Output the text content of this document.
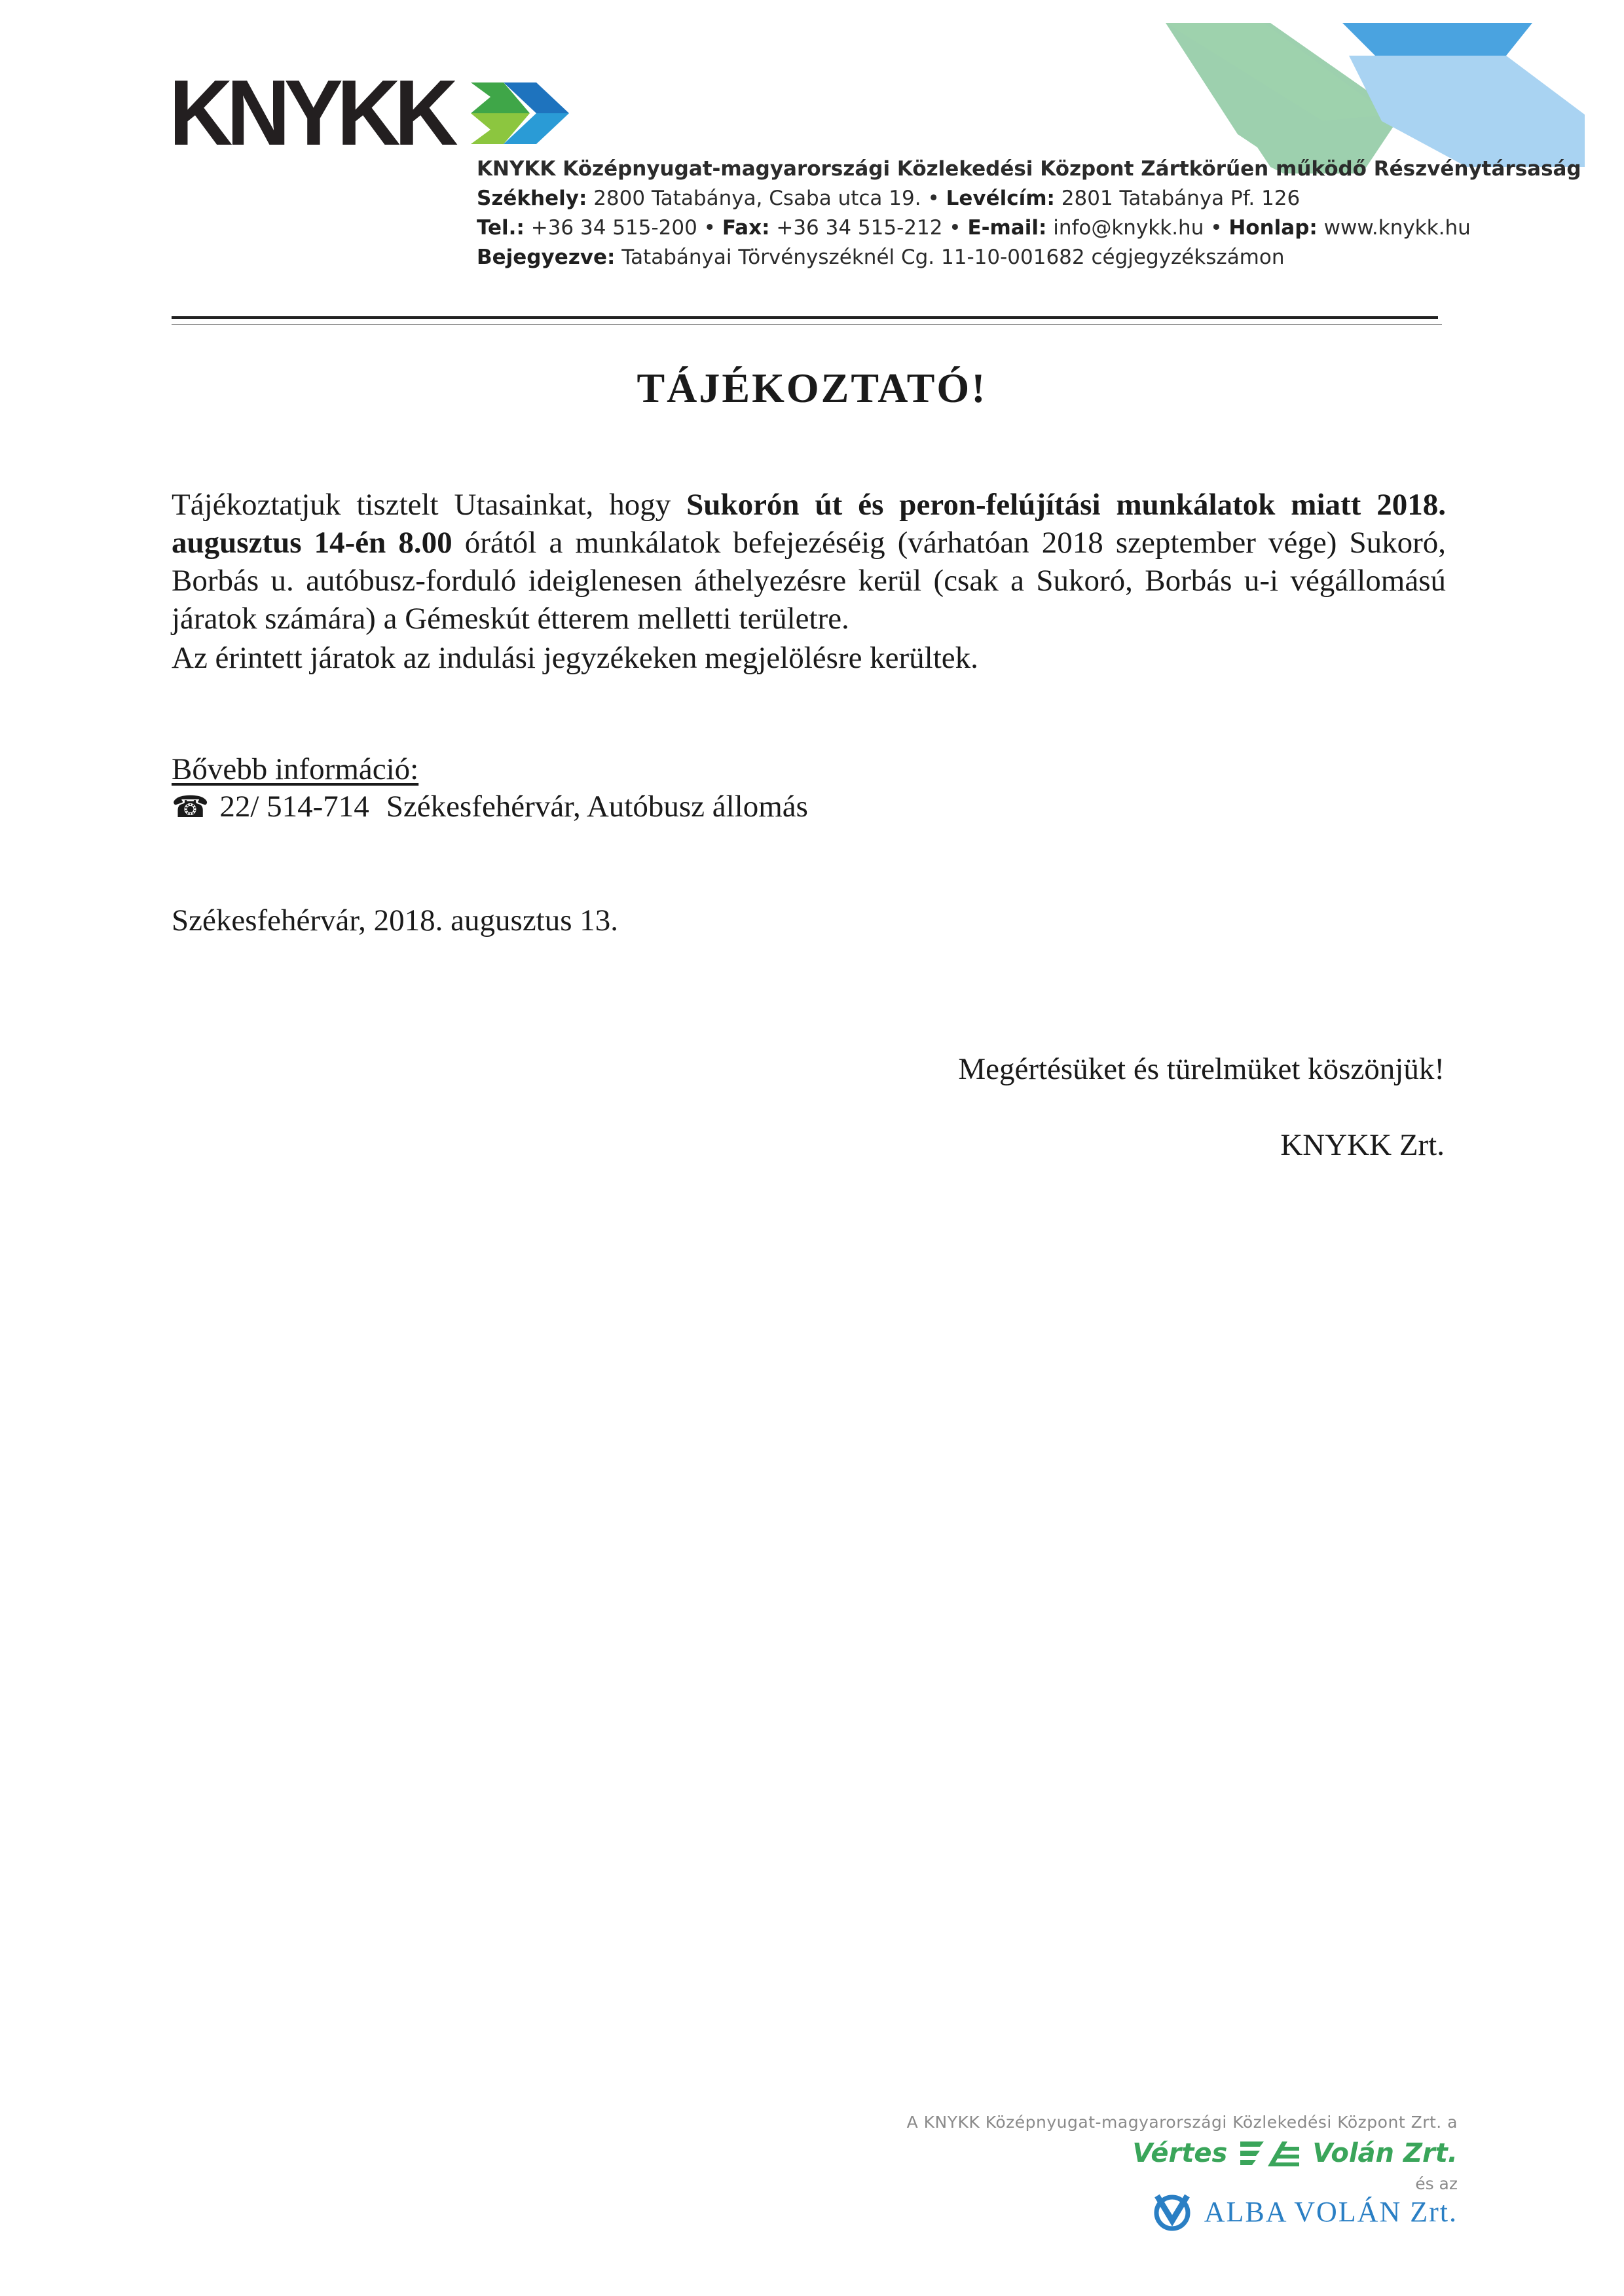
KNYKK
KNYKK Középnyugat-magyarországi Közlekedési Központ Zártkörűen működő Részvénytársaság
Székhely: 2800 Tatabánya, Csaba utca 19. • Levélcím: 2801 Tatabánya Pf. 126
Tel.: +36 34 515-200 • Fax: +36 34 515-212 • E-mail: info@knykk.hu • Honlap: www.knykk.hu
Bejegyezve: Tatabányai Törvényszéknél Cg. 11-10-001682 cégjegyzékszámon
TÁJÉKOZTATÓ!
Tájékoztatjuk tisztelt Utasainkat, hogy Sukorón út és peron-felújítási munkálatok miatt 2018. augusztus 14-én 8.00 órától a munkálatok befejezéséig (várhatóan 2018 szeptember vége) Sukoró, Borbás u. autóbusz-forduló ideiglenesen áthelyezésre kerül (csak a Sukoró, Borbás u-i végállomású járatok számára) a Gémeskút étterem melletti területre.
Az érintett járatok az indulási jegyzékeken megjelölésre kerültek.
Bővebb információ:
☎ 22/ 514-714 Székesfehérvár, Autóbusz állomás
Székesfehérvár, 2018. augusztus 13.
Megértésüket és türelmüket köszönjük!
KNYKK Zrt.
A KNYKK Középnyugat-magyarországi Közlekedési Központ Zrt. a
Vértes	Volán Zrt.
és az
ALBA VOLÁN Zrt.
